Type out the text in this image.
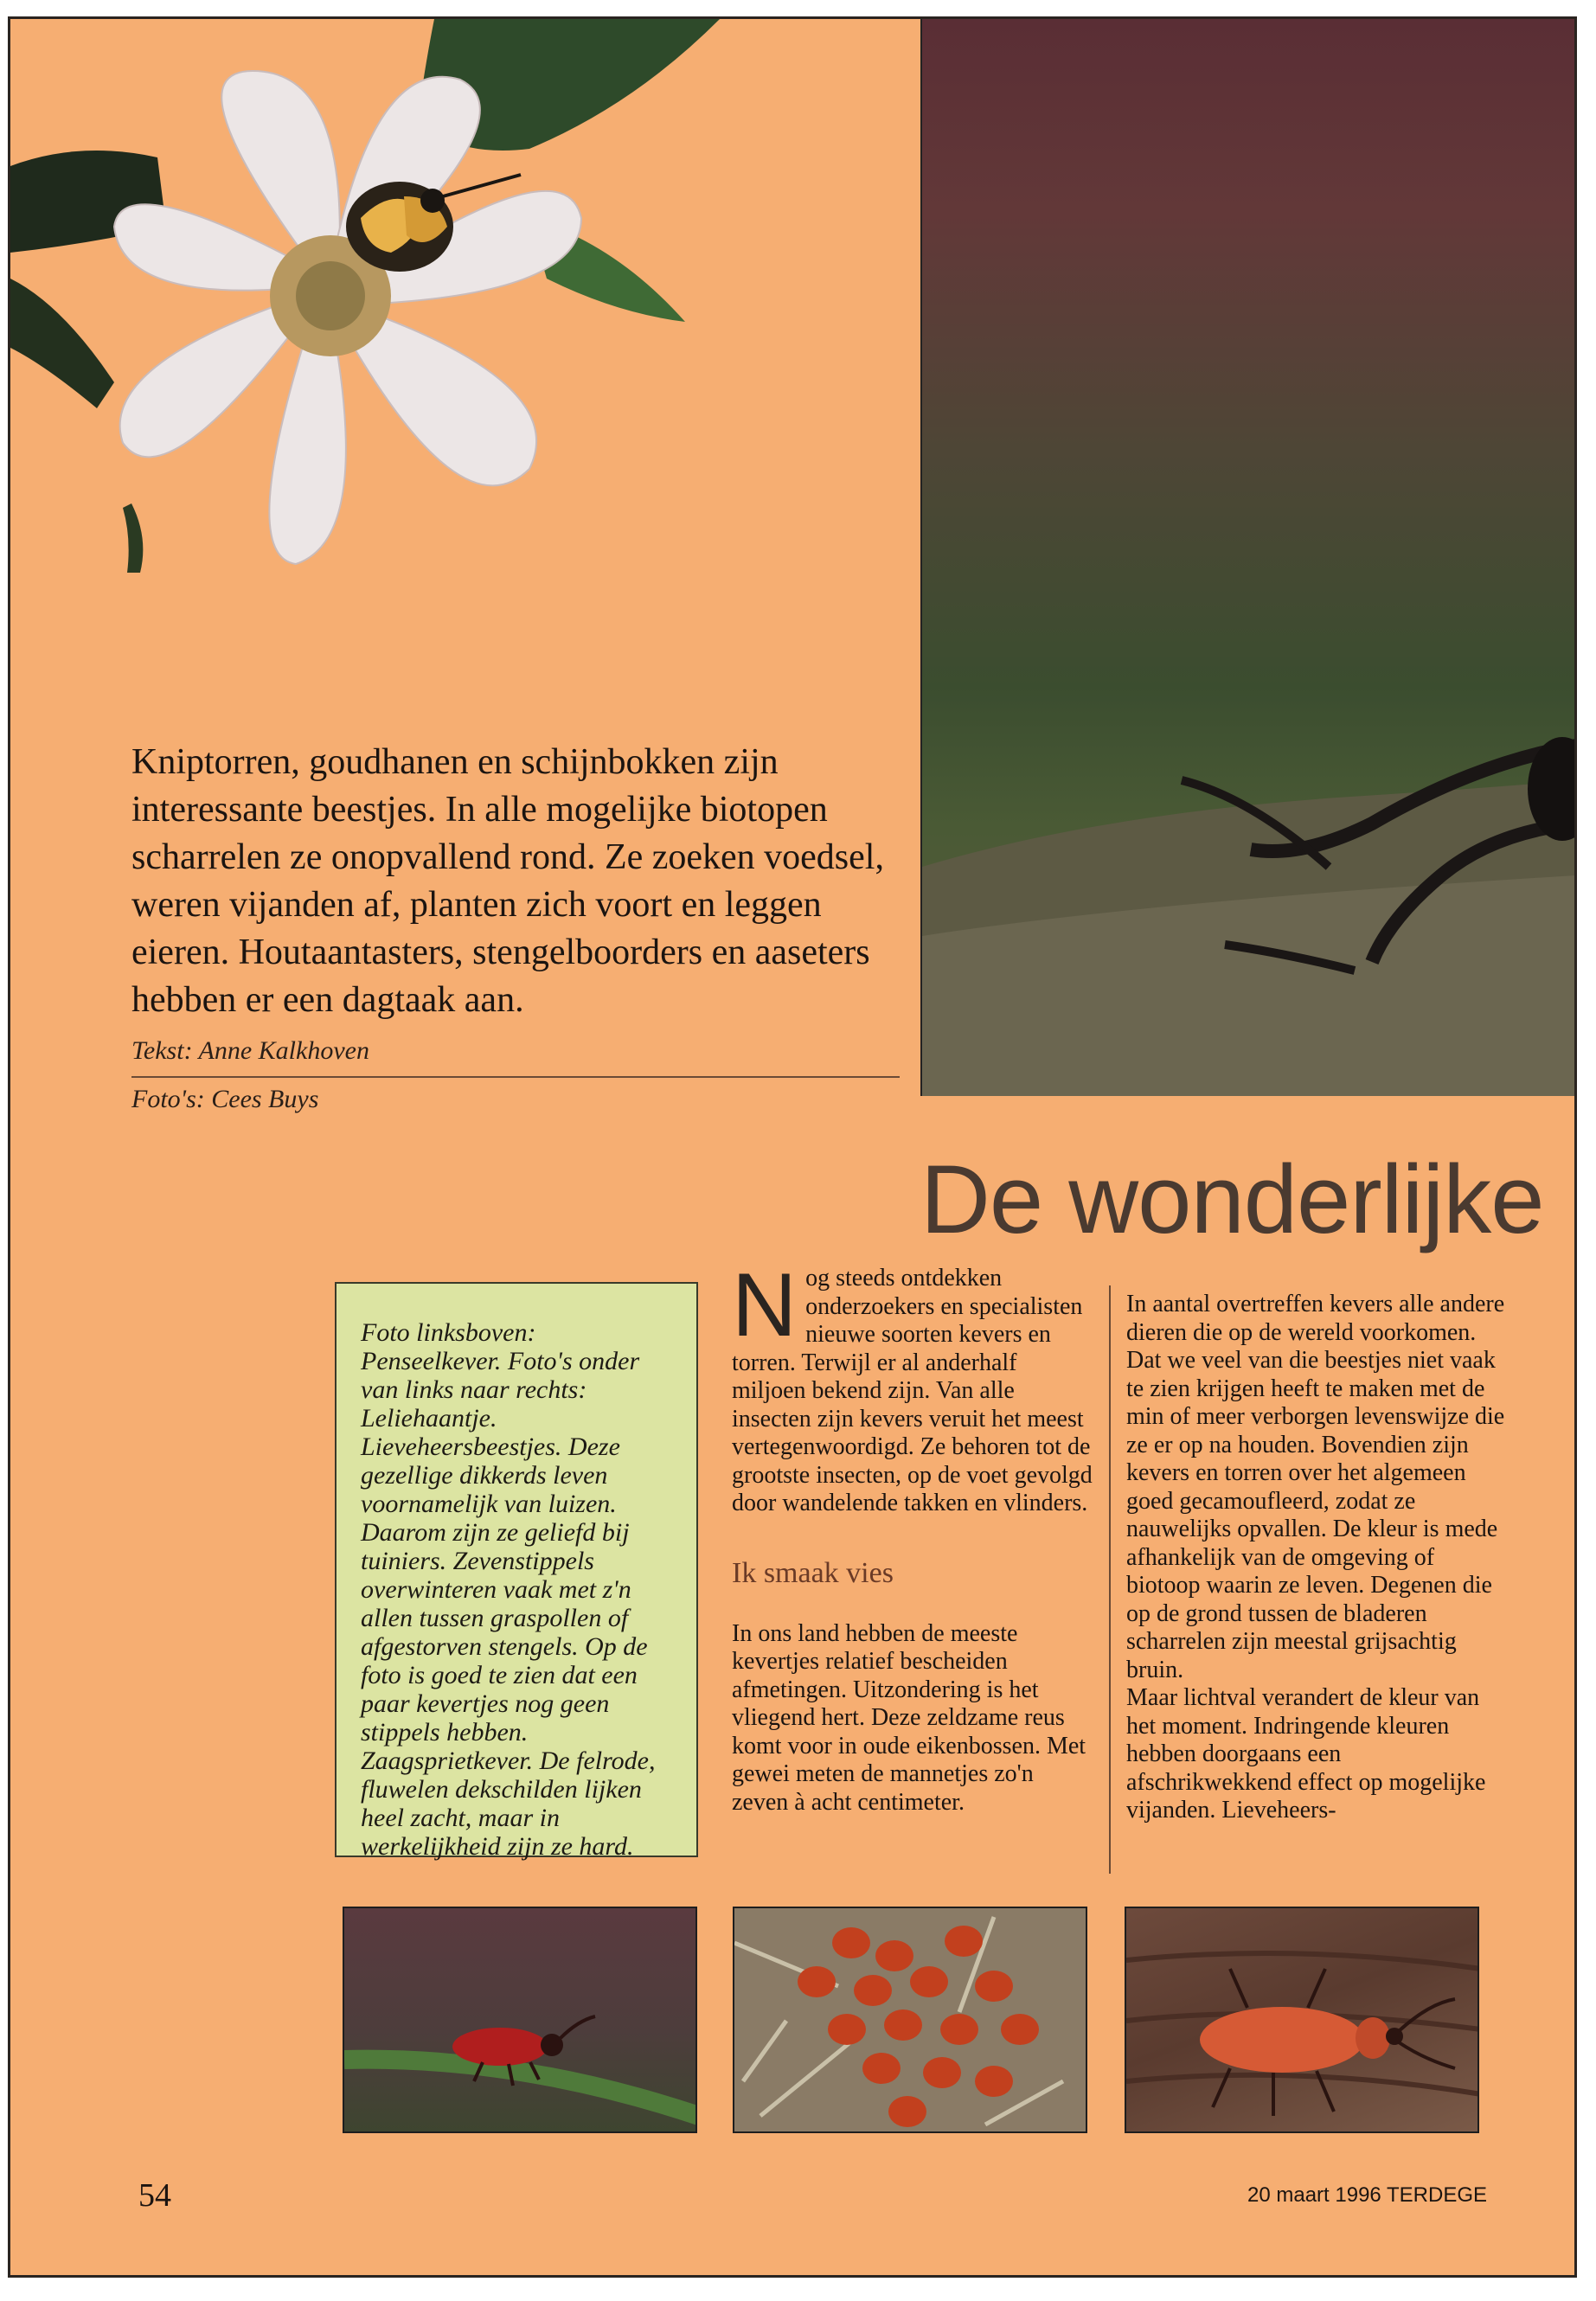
Kniptorren, goudhanen en schijnbokken zijn interessante beestjes. In alle mogelijke biotopen scharrelen ze onopvallend rond. Ze zoeken voedsel, weren vijanden af, planten zich voort en leggen eieren. Houtaantasters, stengelboorders en aaseters hebben er een dagtaak aan.

Tekst: Anne Kalkhoven
Foto's: Cees Buys
De wonderlijke

Foto linksboven: Penseelkever. Foto's onder van links naar rechts: Leliehaantje. Lieveheersbeestjes. Deze gezellige dikkerds leven voornamelijk van luizen. Daarom zijn ze geliefd bij tuiniers. Zevenstippels overwinteren vaak met z'n allen tussen graspollen of afgestorven stengels. Op de foto is goed te zien dat een paar kevertjes nog geen stippels hebben. Zaagsprietkever. De felrode, fluwelen dekschilden lijken heel zacht, maar in werkelijkheid zijn ze hard.

N og steeds ontdekken onderzoekers en specialisten nieuwe soorten kevers en torren. Terwijl er al anderhalf miljoen bekend zijn. Van alle insecten zijn kevers veruit het meest vertegenwoordigd. Ze behoren tot de grootste insecten, op de voet gevolgd door wandelende takken en vlinders.

Ik smaak vies

In ons land hebben de meeste kevertjes relatief bescheiden afmetingen. Uitzondering is het vliegend hert. Deze zeldzame reus komt voor in oude eikenbossen. Met gewei meten de mannetjes zo'n zeven à acht centimeter.

In aantal overtreffen kevers alle andere dieren die op de wereld voorkomen. Dat we veel van die beestjes niet vaak te zien krijgen heeft te maken met de min of meer verborgen levenswijze die ze er op na houden. Bovendien zijn kevers en torren over het algemeen goed gecamoufleerd, zodat ze nauwelijks opvallen. De kleur is mede afhankelijk van de omgeving of biotoop waarin ze leven. Degenen die op de grond tussen de bladeren scharrelen zijn meestal grijsachtig bruin.

Maar lichtval verandert de kleur van het moment. Indringende kleuren hebben doorgaans een afschrikwekkend effect op mogelijke vijanden. Lieveheers-

54	20 maart 1996 TERDEGE
